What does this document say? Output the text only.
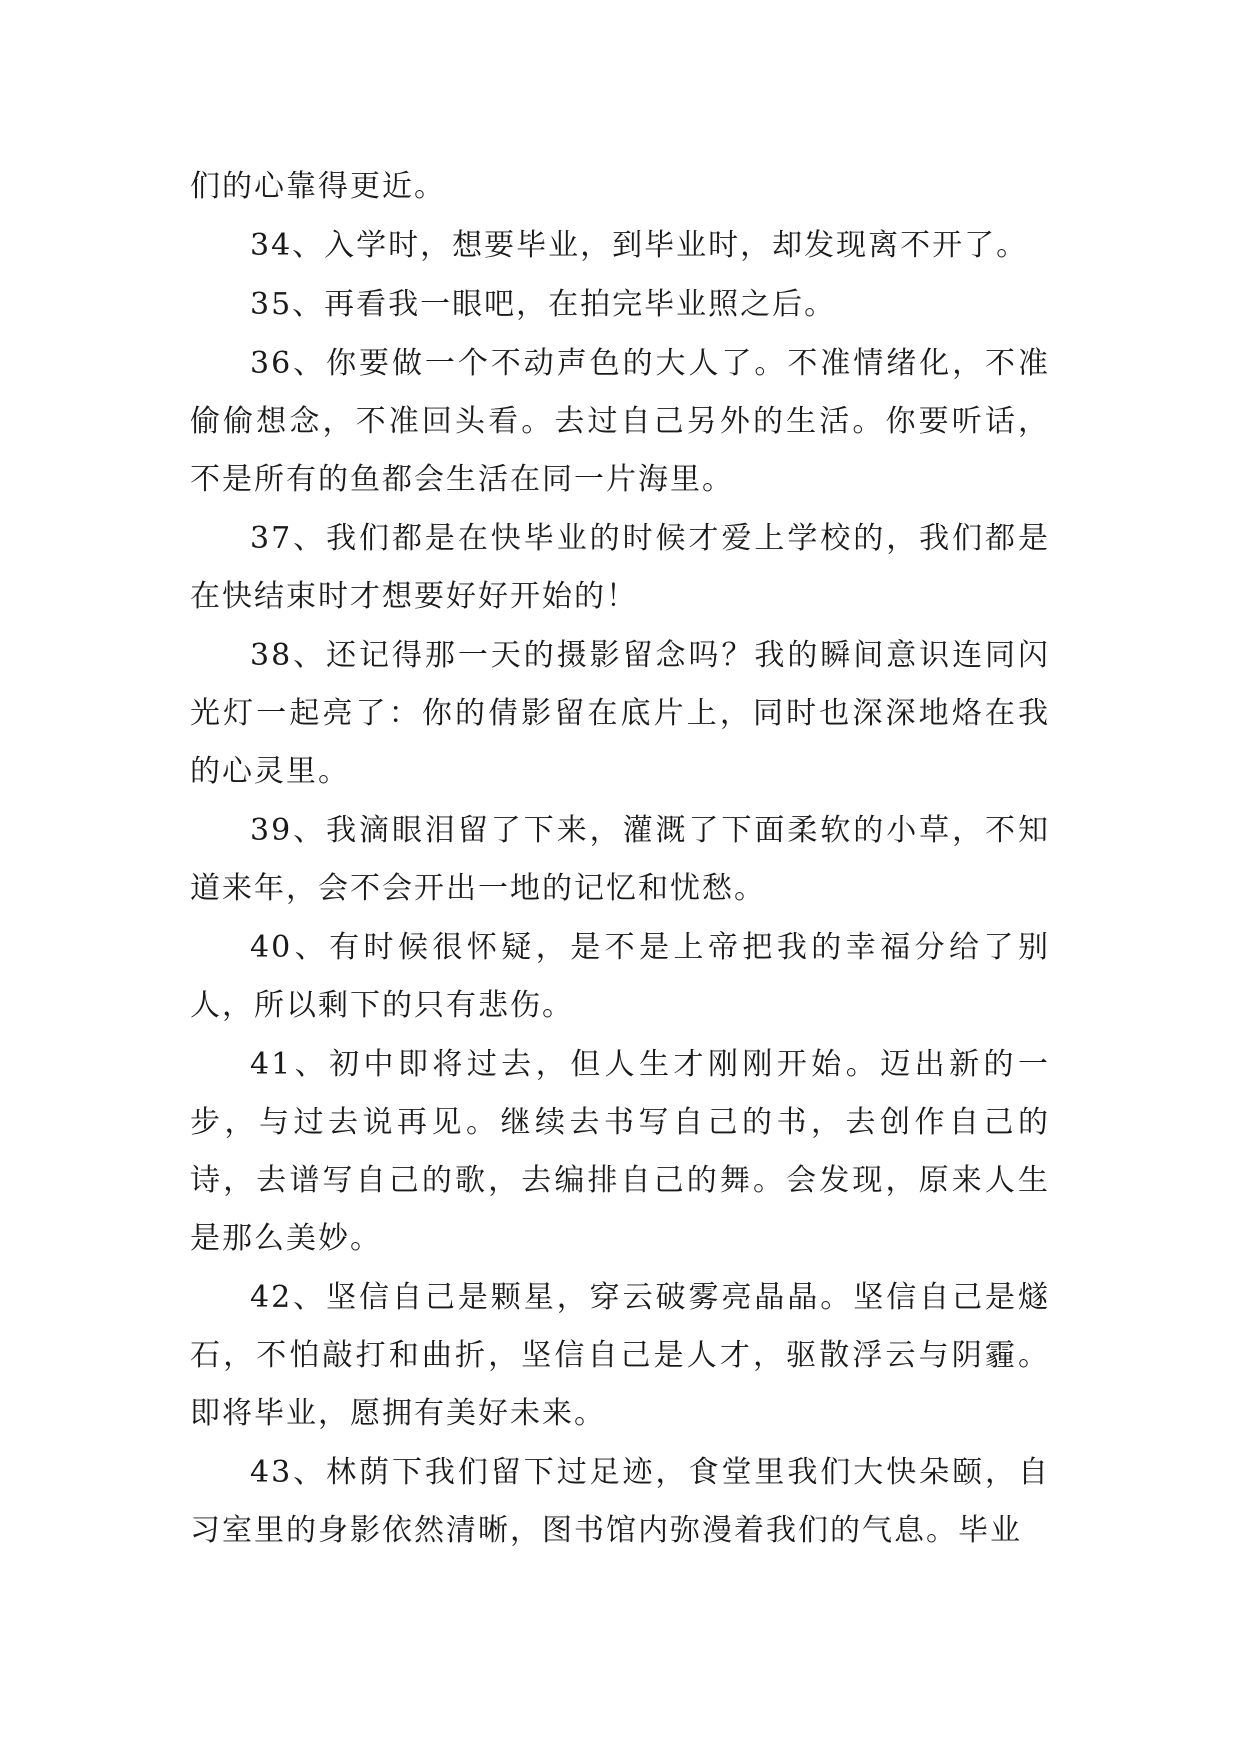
们的心靠得更近。

34、入学时，想要毕业，到毕业时，却发现离不开了。

35、再看我一眼吧，在拍完毕业照之后。

36、你要做一个不动声色的大人了。不准情绪化，不准偷偷想念，不准回头看。去过自己另外的生活。你要听话，不是所有的鱼都会生活在同一片海里。

37、我们都是在快毕业的时候才爱上学校的，我们都是在快结束时才想要好好开始的！

38、还记得那一天的摄影留念吗？我的瞬间意识连同闪光灯一起亮了：你的倩影留在底片上，同时也深深地烙在我的心灵里。

39、我滴眼泪留了下来，灌溉了下面柔软的小草，不知道来年，会不会开出一地的记忆和忧愁。

40、有时候很怀疑，是不是上帝把我的幸福分给了别人，所以剩下的只有悲伤。

41、初中即将过去，但人生才刚刚开始。迈出新的一步，与过去说再见。继续去书写自己的书，去创作自己的诗，去谱写自己的歌，去编排自己的舞。会发现，原来人生是那么美妙。

42、坚信自己是颗星，穿云破雾亮晶晶。坚信自己是燧石，不怕敲打和曲折，坚信自己是人才，驱散浮云与阴霾。即将毕业，愿拥有美好未来。

43、林荫下我们留下过足迹，食堂里我们大快朵颐，自习室里的身影依然清晰，图书馆内弥漫着我们的气息。毕业
